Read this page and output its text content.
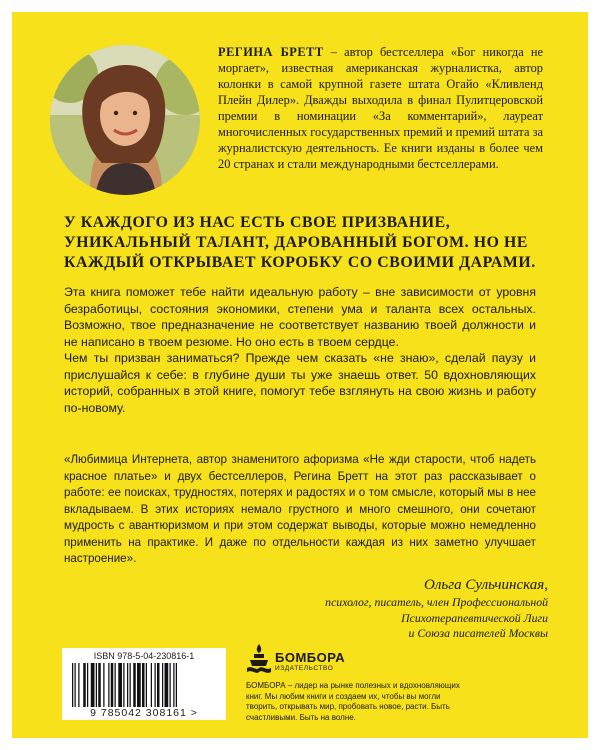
РЕГИНА БРЕТТ – автор бестселлера «Бог никогда не моргает», известная американская журналистка, автор колонки в самой крупной газете штата Огайо «Кливленд Плейн Дилер». Дважды выходила в финал Пулитцеровской премии в номинации «За комментарий», лауреат многочисленных государственных премий и премий штата за журналистскую деятельность. Ее книги изданы в более чем 20 странах и стали международными бестселлерами.
У КАЖДОГО ИЗ НАС ЕСТЬ СВОЕ ПРИЗВАНИЕ, УНИКАЛЬНЫЙ ТАЛАНТ, ДАРОВАННЫЙ БОГОМ. НО НЕ КАЖДЫЙ ОТКРЫВАЕТ КОРОБКУ СО СВОИМИ ДАРАМИ.

Эта книга поможет тебе найти идеальную работу – вне зависимости от уровня безработицы, состояния экономики, степени ума и таланта всех остальных. Возможно, твое предназначение не соответствует названию твоей должности и не написано в твоем резюме. Но оно есть в твоем сердце.

Чем ты призван заниматься? Прежде чем сказать «не знаю», сделай паузу и прислушайся к себе: в глубине души ты уже знаешь ответ. 50 вдохновляющих историй, собранных в этой книге, помогут тебе взглянуть на свою жизнь и работу по-новому.

«Любимица Интернета, автор знаменитого афоризма «Не жди старости, чтоб надеть красное платье» и двух бестселлеров, Регина Бретт на этот раз рассказывает о работе: ее поисках, трудностях, потерях и радостях и о том смысле, который мы в нее вкладываем. В этих историях немало грустного и много смешного, они сочетают мудрость с авантюризмом и при этом содержат выводы, которые можно немедленно применить на практике. И даже по отдельности каждая из них заметно улучшает настроение».
Ольга Сульчинская,
психолог, писатель, член Профессиональной
Психотерапевтической Лиги
и Союза писателей Москвы
ISBN 978-5-04-230816-1
9 785042 308161 >
БОМБОРА
ИЗДАТЕЛЬСТВО
БОМБОРА – лидер на рынке полезных и вдохновляющих книг. Мы любим книги и создаем их, чтобы вы могли творить, открывать мир, пробовать новое, расти. Быть счастливыми. Быть на волне.
